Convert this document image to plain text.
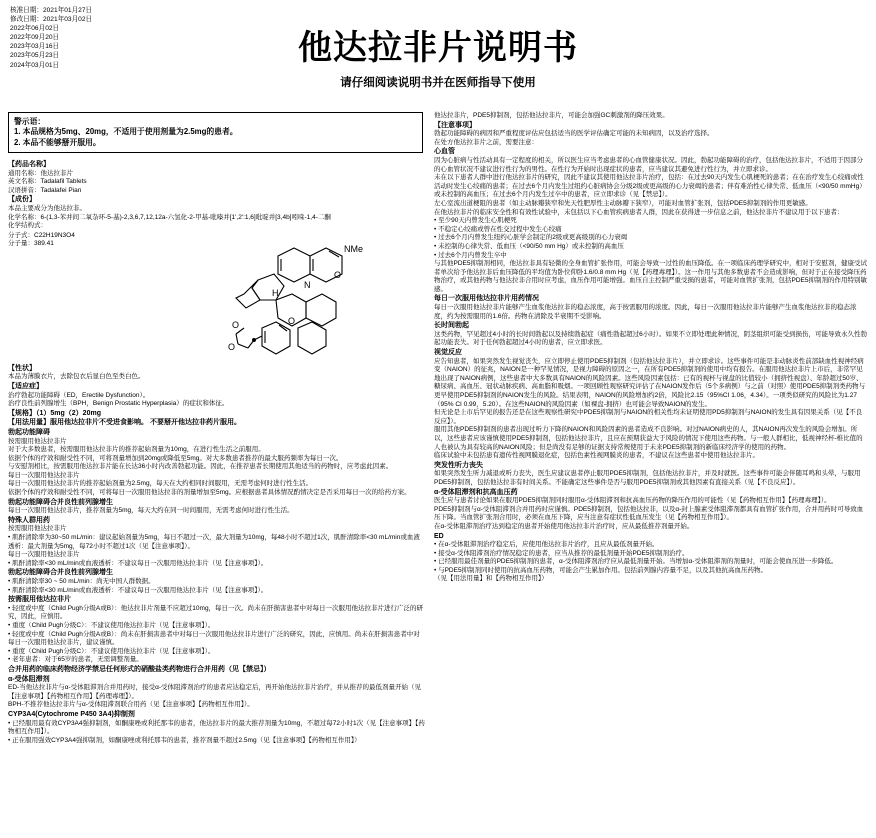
核准日期：2021年01月27日
修改日期：2021年03月02日
2022年06月02日
2022年09月20日
2023年03月16日
2023年05月23日
2024年03月01日	他达拉非片说明书
请仔细阅读说明书并在医师指导下使用
警示语：
1. 本品规格为5mg、20mg，不适用于使用剂量为2.5mg的患者。
2. 本品不能够掰开服用。

【药品名称】

通用名称：他达拉非片

英文名称：Tadalafil Tablets

汉语拼音：Tadalafei Pian

【成份】

本品主要成分为他达拉非。

化学名称：6-(1,3-苯并间二氧杂环-5-基)-2,3,6,7,12,12a-六氢化-2-甲基-吡嗪并[1',2':1,6]吡啶并[3,4b]吲哚-1,4-二酮

化学结构式：

分子式：C22H19N3O4
分子量：389.41	NMe
N
H
O
O
O
O

【性状】

本品为薄膜衣片，去除包衣后显白色至类白色。

【适应症】

治疗勃起功能障碍（ED，Erectile Dysfunction）。

治疗良性前列腺增生（BPH，Benign Prostatic Hyperplasia）的症状和体征。

【规格】（1）5mg（2）20mg

【用法用量】服用他达拉非片不受进食影响。 不要掰开他达拉非药片服用。

勃起功能障碍

按需服用他达拉非片

对于大多数患者，按需服用他达拉非片的推荐起始剂量为10mg，在进行性生活之前服用。

依据个体的疗效和耐受性不同，可将剂量增加到20mg或降低至5mg。对大多数患者推荐的最大服药频率为每日一次。

与安慰剂相比，按需服用他达拉非片能在长达36小时内改善勃起功能。因此，在推荐患者长期使用其他适当的药物时，应考虑此因素。

每日一次服用他达拉非片

每日一次服用他达拉非片的推荐起始剂量为2.5mg，每天在大约相同时间服用，无需考虑何时进行性生活。

依据个体的疗效和耐受性不同，可将每日一次服用他达拉非的剂量增加至5mg。应根据患者具体情况酌情决定是否采用每日一次的给药方案。

勃起功能障碍合并良性前列腺增生

每日一次服用他达拉非片，推荐剂量为5mg，每天大约在同一时间服用，无需考虑何时进行性生活。

特殊人群用药

按需服用他达拉非片

• 肌酐清除率为30~50 mL/min：建议起始剂量为5mg，每日不超过一次，最大剂量为10mg，每48小时不超过1次，肌酐清除率<30 mL/min或血液透析：最大剂量为5mg，每72小时不超过1次（见【注意事项】）。

每日一次服用他达拉非片

• 肌酐清除率<30 mL/min或血液透析：不建议每日一次服用他达拉非片（见【注意事项】）。

勃起功能障碍合并良性前列腺增生

• 肌酐清除率30 ~ 50 mL/min：尚无中国人群数据。

• 肌酐清除率<30 mL/min或血液透析：不建议每日一次服用他达拉非片（见【注意事项】）。

按需服用他达拉非片

• 轻度或中度（Child Pugh分级A或B）：他达拉非片剂量不应超过10mg，每日一次。尚未在肝损害患者中对每日一次服用他达拉非片进行广泛的研究，因此，应慎用。

• 重度（Child Pugh分级C）：不建议使用他达拉非片（见【注意事项】）。

• 轻度或中度（Child Pugh分级A或B）：尚未在肝损害患者中对每日一次服用他达拉非片进行广泛的研究，因此，应慎用。尚未在肝损害患者中对每日一次服用他达拉非片，建议谨慎。

• 重度（Child Pugh分级C）：不建议使用他达拉非片（见【注意事项】）。

• 老年患者：对于65岁的患者，无需调整剂量。

合并用药的临床药物经济学禁忌任何形式的硝酸盐类药物进行合并用药（见【禁忌】）

α-受体阻滞剂

ED-当他达拉非片与α-受体阻滞剂合并用药时，接受α-受体阻滞剂治疗的患者应达稳定后，再开始他达拉非片治疗，并从推荐的最低剂量开始（见【注意事项】【药物相互作用】【药理毒理】）。

BPH-不推荐他达拉非片与α-受体阻滞剂联合用药（见【注意事项】【药物相互作用】）。

CYP3A4(Cytochrome P450 3A4)抑制剂

• 已经服用最有效CYP3A4强抑制剂，如酮康唑或利托那韦的患者，他达拉非片的最大推荐剂量为10mg，不超过每72小时1次（见【注意事项】【药物相互作用】）。

• 正在服用强效CYP3A4强抑制剂，如酮康唑或利托那韦的患者，推荐剂量不超过2.5mg（见【注意事项】【药物相互作用】）

他达拉非片，PDE5抑制剂，包括他达拉非片，可能会加强GC刺激剂的降压效果。

【注意事项】

勃起功能障碍的病因和严重程度评估应包括适当的医学评估确定可能的未知病因，以及治疗选择。

在处方他达拉非片之前，需要注意：

心血管

因为心脏病与性活动具有一定程度的相关，所以医生应当考虑患者的心血管健康状况。因此，勃起功能障碍的治疗，包括他达拉非片，不适用于因部分的心血管状况不建议进行性行为的男性。在性行为开始时出现症状的患者，应当建议其避免进行性行为，并立即求诊。

未在以下患者人群中进行他达拉非片的研究，因此不建议其使用他达拉非片治疗，包括：在过去90天内发生心肌梗死的患者；在在治疗发生心绞痛或性活动时发生心绞痛的患者；在过去6个月内发生过纽约心脏病协会分级2级或更高级的心力衰竭的患者；伴有难治性心律失常、低血压（<90/50 mmHg）或未控制的高血压；在过去6个月内发生过卒中的患者，应立即求诊（见【禁忌】）。

左心室流出道梗阻的患者（如主动脉瓣狭窄和先天性肥厚性主动脉瓣下狭窄），可能对血管扩张剂，包括PDE5抑制剂的作用更敏感。

在他达拉非片的临床安全性和有效性试验中，未包括以下心血管疾病患者人群，因此在获得进一步信息之前，他达拉非片不建议用于以下患者：

• 至少90天内曾发生心肌梗死

• 不稳定心绞痛或曾在性交过程中发生心绞痛

• 过去6个月内曾发生纽约心脏学会制定的2级或更高级别的心力衰竭

• 未控制的心律失常、低血压（<90/50 mm Hg）或未控制的高血压

• 过去6个月内曾发生卒中

与其他PDE5抑制剂相同，他达拉非具有轻微的全身血管扩张作用，可能会导致一过性的血压降低。在一项临床药理学研究中，相对于安慰剂，健康受试者单次给予他达拉非后血压降低的平均值为卧位仰卧1.6/0.8 mm Hg（见【药理毒理】）。这一作用与其他多数患者不会造成影响，但对于正在接受降压药物治疗，或其他药物与他达拉非合用时应考虑，血压作用可能增强。血压自主控制严重受损的患者，可能对血管扩张剂，包括PDE5抑制剂的作用特别敏感。

每日一次服用他达拉非片用药情况

每日一次服用他达拉非片能够产生血浆他达拉非的稳态浓度，高于按需服用的浓度。因此，每日一次服用他达拉非片能够产生血浆他达拉非的稳态浓度，约为按需服用的1.6倍。药物在清除及半衰期不受影响。

长时间勃起

这类药物，罕见超过4小时的长时间勃起以及持续勃起症（痛性勃起超过6小时）。如果不立即处理此种情况，阴茎组织可能受到损伤，可能导致永久性勃起功能丧失。对于任何勃起超过4小时的患者，应立即求医。

视觉反应

应告知患者，如果突然发生视觉丧失，应立即停止使用PDE5抑制剂（包括他达拉非片），并立即求诊。这些事件可能是非动脉炎性前部缺血性视神经病变（NAION）的征兆，NAION是一种罕见情况，是视力障碍的原因之一，在所有PDE5抑制剂的使用中均有报告。在服用他达拉非片上市后，非常罕见地出现了NAION病例，这些患者中大多数具有NAION的风险因素。这些风险因素包括：已有的视杯与视盘的比值较小（拥挤性视盘）、年龄超过50岁、糖尿病、高血压、冠状动脉疾病、高血脂和吸烟。一项回顾性观察研究评估了在NAION发作后（5个多病例）与之前（对照）使用PDE5抑制剂类药物与更早使用PDE5抑制剂的NAION发生的风险。结果表明，NAION的风险增加约2倍，风险比2.15（95%CI 1.06，4.34）。一项类似研究的风险比为1.27（95% CI 0.99，5.20）。在这些NAION的风险因素（如裸盘-拥挤）也可能会导致NAION的发生。

但无论是上市后罕见的报告还是在这些观察性研究中PDE5抑制剂与NAION的相关性均未证明使用PD5抑制剂与NAION的发生具有因果关系（见【不良反应】）。

服用其他PDE5抑制剂的患者出现过听力下降的NAION和风险因素的患者造成不良影响。对过NAION病史的人，其NAION再次发生的风险会增加。所以，这些患者应该谨慎使用PDE5抑制剂，包括他达拉非片，且应在预期获益大于风险的情况下使用这些药物。与一般人群相比，低视神经杯-椎比值的人也被认为具有较高的NAION风险；但是尚没有足够的证据支持常规使用于未来PDE5抑制剂的新临床经济学的使用的药物。

临床试验中未包括患有遗传性视网膜退化症，包括色素性视网膜炎的患者，不建议在这些患者中使用他达拉非片。

突发性听力丧失

如果突然发生听力减退或听力丧失，医生应建议患者停止服用PDE5抑制剂，包括他达拉非片，并及时就医。这些事件可能会伴随耳鸣和头晕，与服用PDE5抑制剂，包括他达拉非有时间关系。不能确定这些事件是否与服用PDE5抑制剂或其他因素有直接关系（见【不良反应】）。

α-受体阻滞剂和抗高血压药

医生应与患者讨论如果在服用PDE5抑制剂同时服用α-受体阻滞剂和抗高血压药物的降压作用的可能性（见【药物相互作用】【药理毒理】）。

PDE5抑制剂与α-受体阻滞剂合并用药时应谨慎。PDE5抑制剂，包括他达拉非，以及α-封上腺素受体阻滞剂都具有血管扩张作用，合并用药时可导致血压下降。当血管扩张剂合用时，必须在血压下降，应当注意有症状性低血压发生（见【药物相互作用】）。

在α-受体阻滞剂治疗达到稳定的患者开始使用他达拉非片治疗时，应从最低推荐剂量开始。

ED

• 在α-受体阻滞剂治疗稳定后，应使用他达拉非片治疗，且应从最低剂量开始。

• 接受α-受体阻滞剂治疗情况稳定的患者，应当从推荐的最低剂量开始PDE5抑制剂治疗。

• 已经服用最佳剂量的PDE5抑制剂的患者，α-受体阻滞剂治疗应从最低剂量开始。当增加α-受体阻滞剂的剂量时，可能会使血压进一步降低。

• 与PDE5抑制剂同时使用的抗高血压药物，可能会产生累加作用。包括前列腺内容量不足，以及其他抗高血压药物。

（见【用法用量】和【药物相互作用】）
